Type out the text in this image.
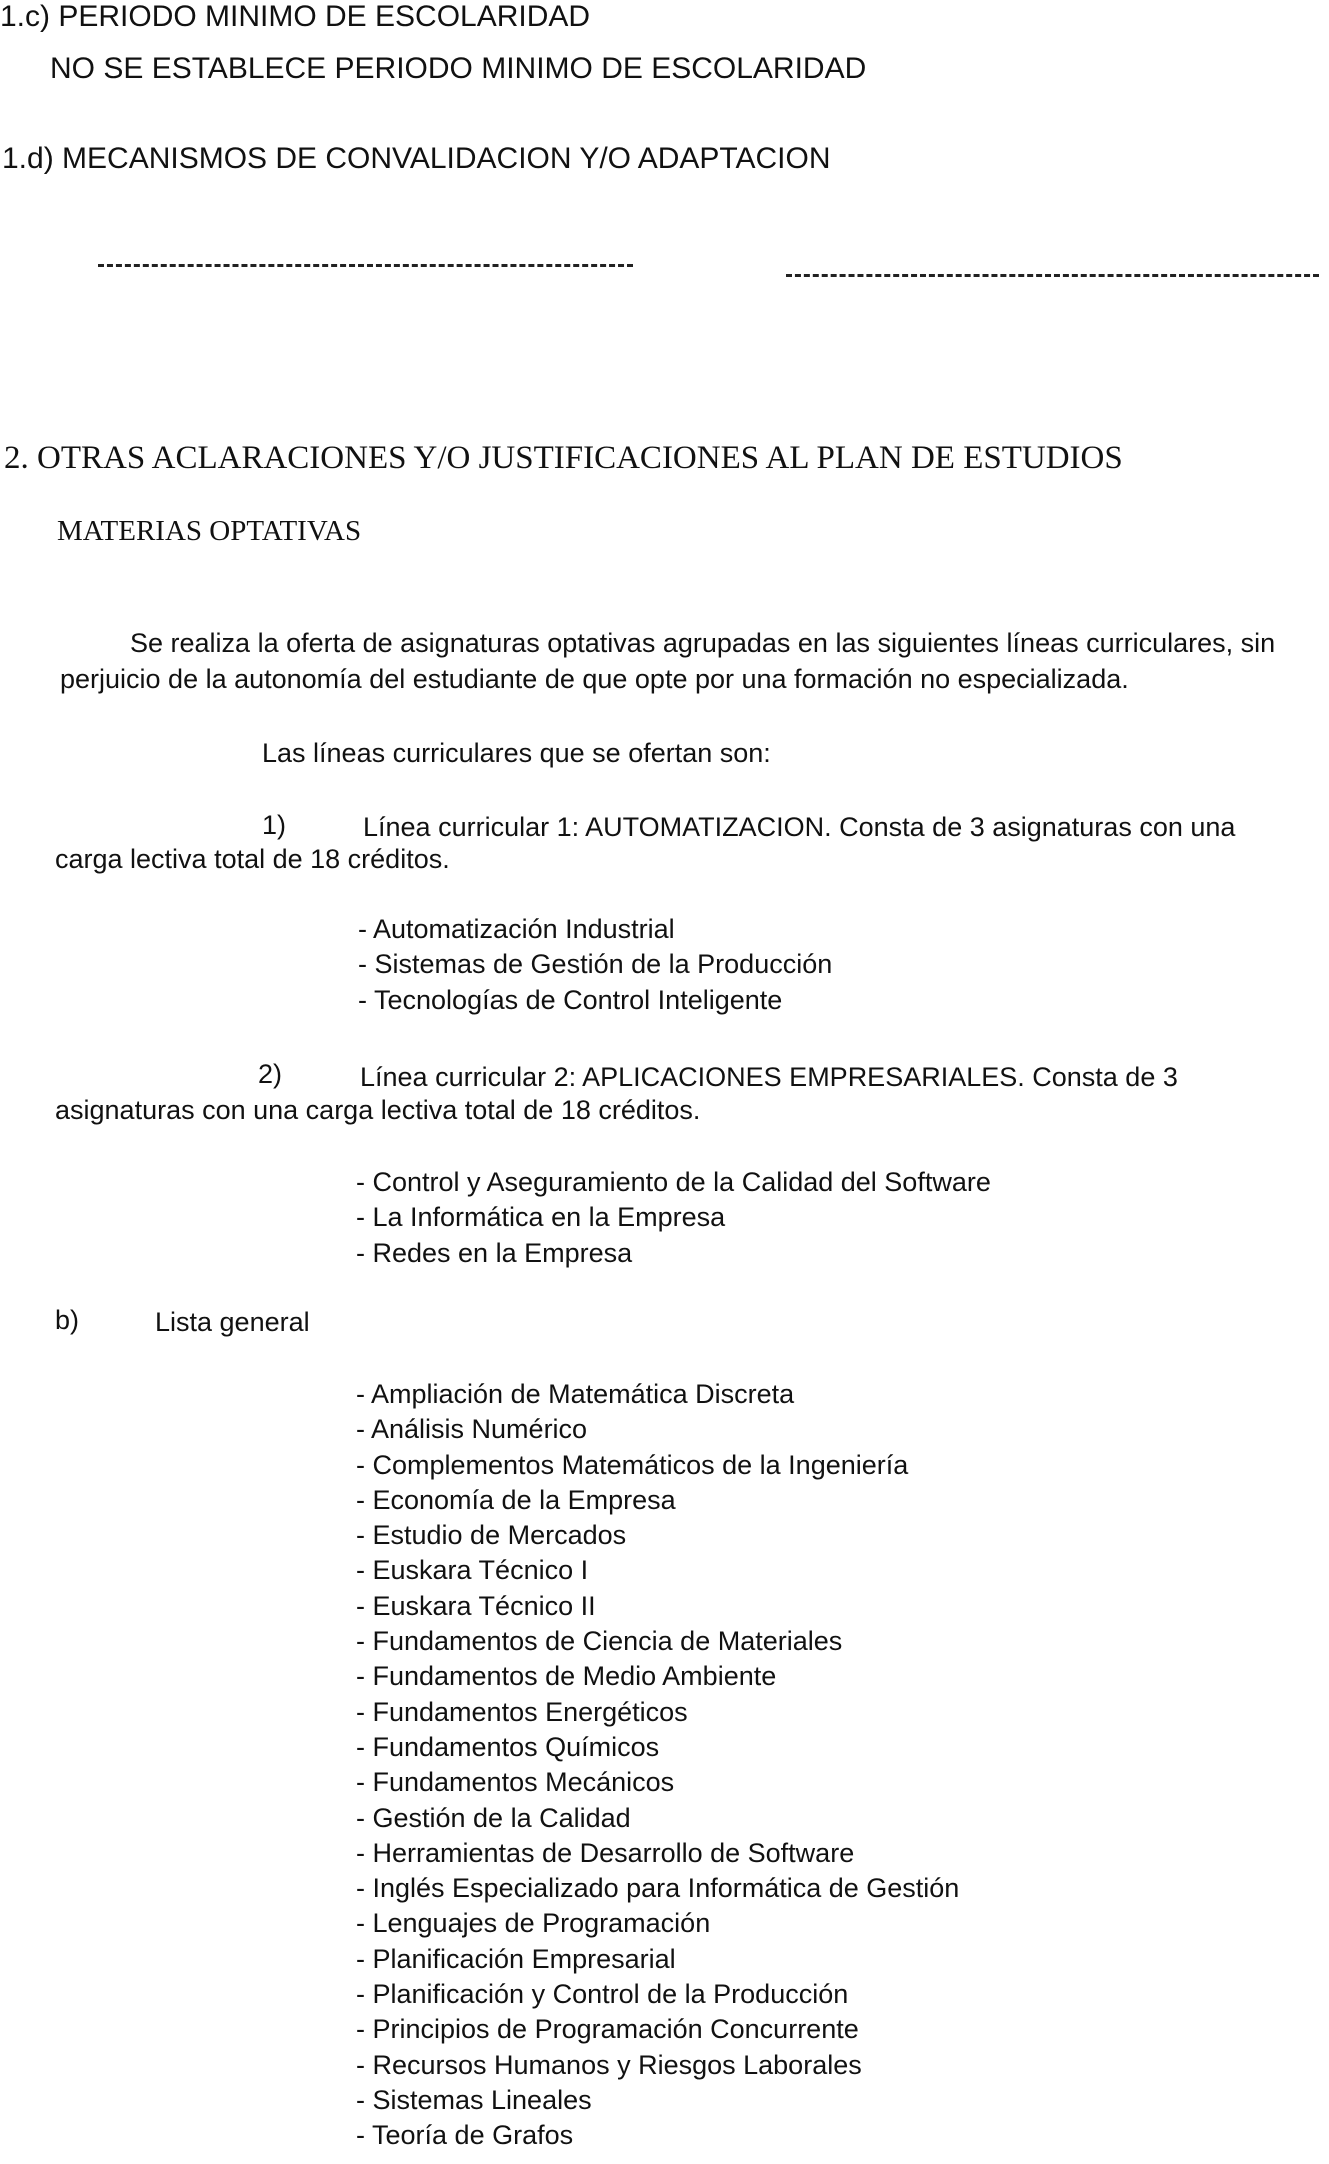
1.c) PERIODO MINIMO DE ESCOLARIDAD
NO SE ESTABLECE PERIODO MINIMO DE ESCOLARIDAD
1.d) MECANISMOS DE CONVALIDACION Y/O ADAPTACION
2. OTRAS ACLARACIONES Y/O JUSTIFICACIONES AL PLAN DE ESTUDIOS
MATERIAS OPTATIVAS
Se realiza la oferta de asignaturas optativas agrupadas en las siguientes líneas curriculares, sin
perjuicio de la autonomía del estudiante de que opte por una formación no especializada.
Las líneas curriculares que se ofertan son:
1)	Línea curricular 1: AUTOMATIZACION. Consta de 3 asignaturas con una
carga lectiva total de 18 créditos.
- Automatización Industrial
- Sistemas de Gestión de la Producción
- Tecnologías de Control Inteligente
2)	Línea curricular 2: APLICACIONES EMPRESARIALES. Consta de 3
asignaturas con una carga lectiva total de 18 créditos.
- Control y Aseguramiento de la Calidad del Software
- La Informática en la Empresa
- Redes en la Empresa
b)	Lista general
- Ampliación de Matemática Discreta
- Análisis Numérico
- Complementos Matemáticos de la Ingeniería
- Economía de la Empresa
- Estudio de Mercados
- Euskara Técnico I
- Euskara Técnico II
- Fundamentos de Ciencia de Materiales
- Fundamentos de Medio Ambiente
- Fundamentos Energéticos
- Fundamentos Químicos
- Fundamentos Mecánicos
- Gestión de la Calidad
- Herramientas de Desarrollo de Software
- Inglés Especializado para Informática de Gestión
- Lenguajes de Programación
- Planificación Empresarial
- Planificación y Control de la Producción
- Principios de Programación Concurrente
- Recursos Humanos y Riesgos Laborales
- Sistemas Lineales
- Teoría de Grafos
